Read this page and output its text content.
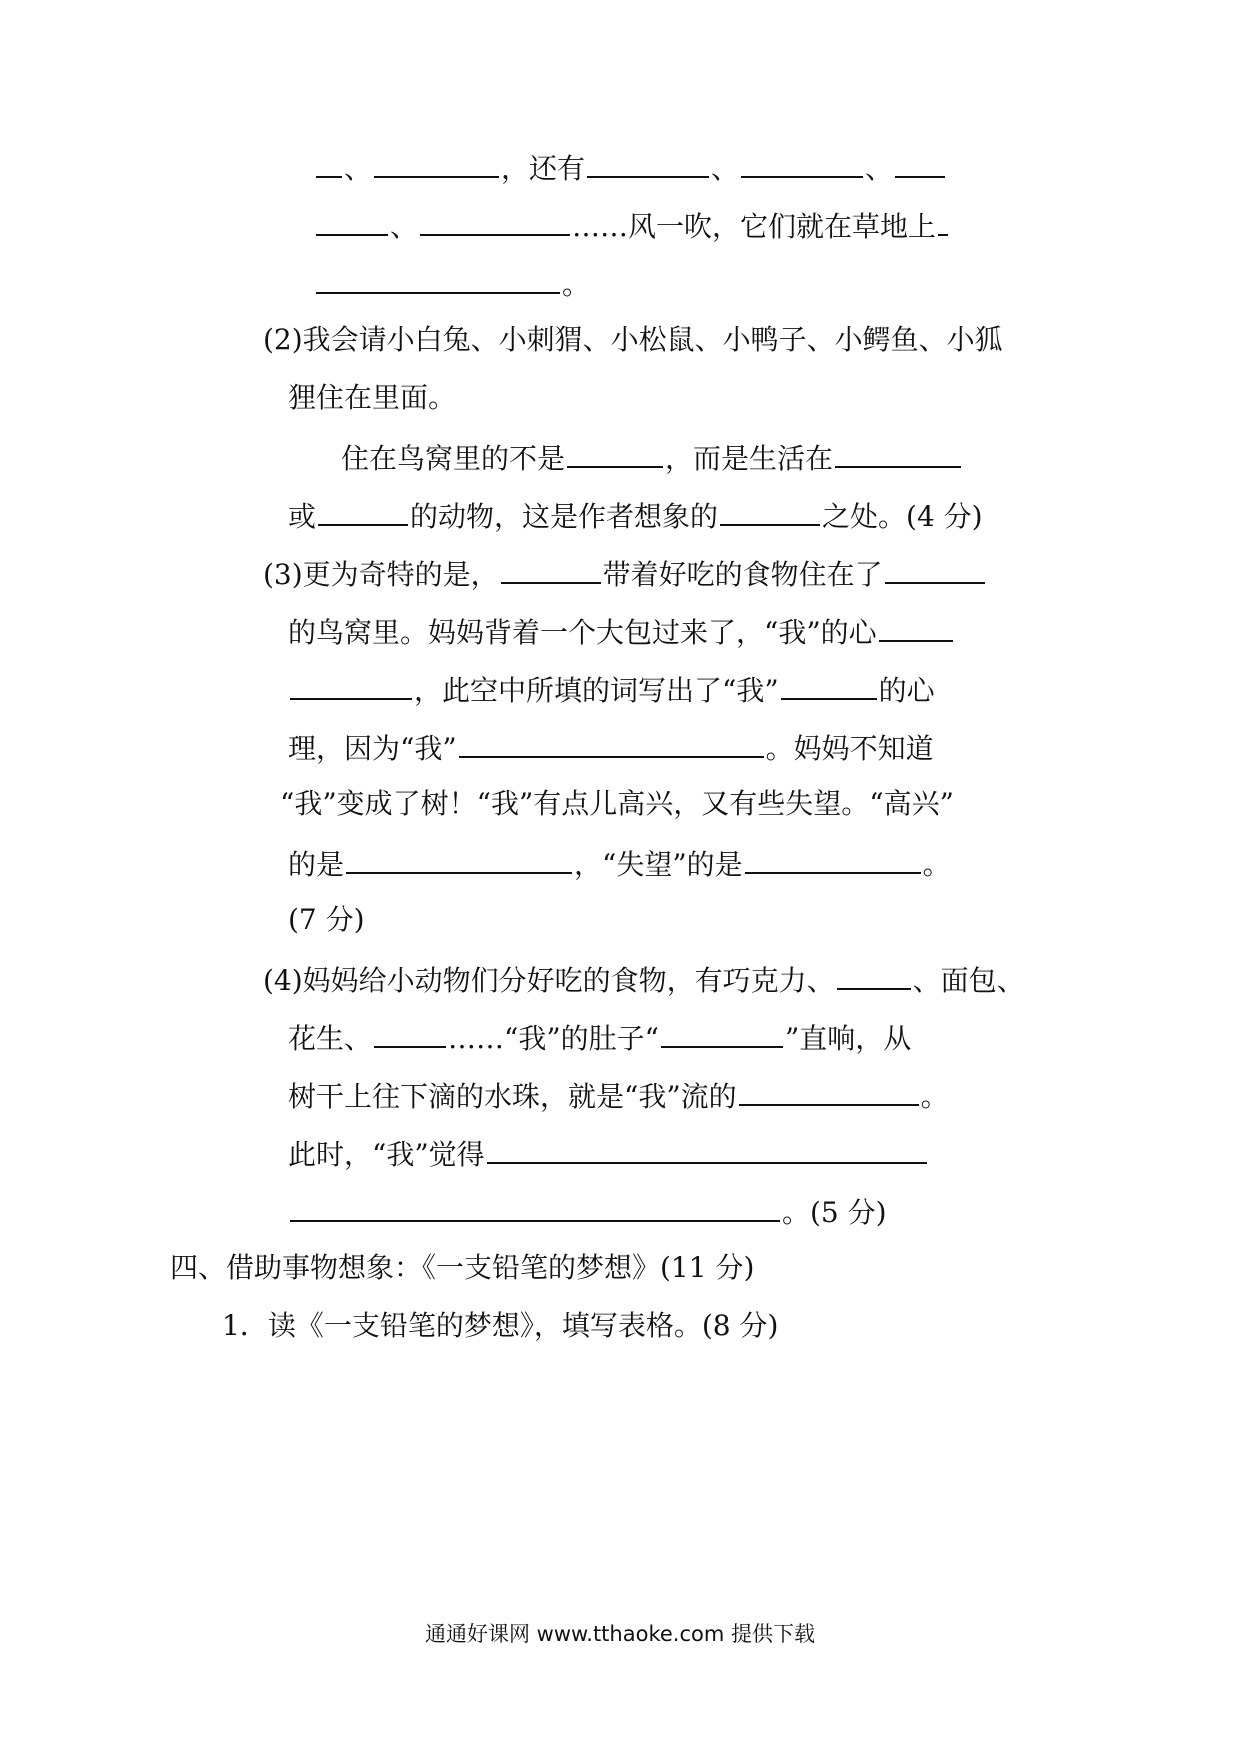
、	，还有	、	、
、	……风一吹，它们就在草地上
。
(2)我会请小白兔、小刺猬、小松鼠、小鸭子、小鳄鱼、小狐
狸住在里面。
住在鸟窝里的不是	，而是生活在
或	的动物，这是作者想象的	之处。(4 分)
(3)更为奇特的是，	带着好吃的食物住在了
的鸟窝里。妈妈背着一个大包过来了，“我”的心
，此空中所填的词写出了“我”	的心
理，因为“我”	。妈妈不知道
“我”变成了树！“我”有点儿高兴，又有些失望。“高兴”
的是	，“失望”的是	。
(7 分)
(4)妈妈给小动物们分好吃的食物，有巧克力、	、面包、
花生、	……“我”的肚子“	”直响，从
树干上往下滴的水珠，就是“我”流的	。
此时，“我”觉得
。(5 分)
四、借助事物想象：《一支铅笔的梦想》(11 分)
1．读《一支铅笔的梦想》，填写表格。(8 分)
通通好课网 www.tthaoke.com 提供下载
